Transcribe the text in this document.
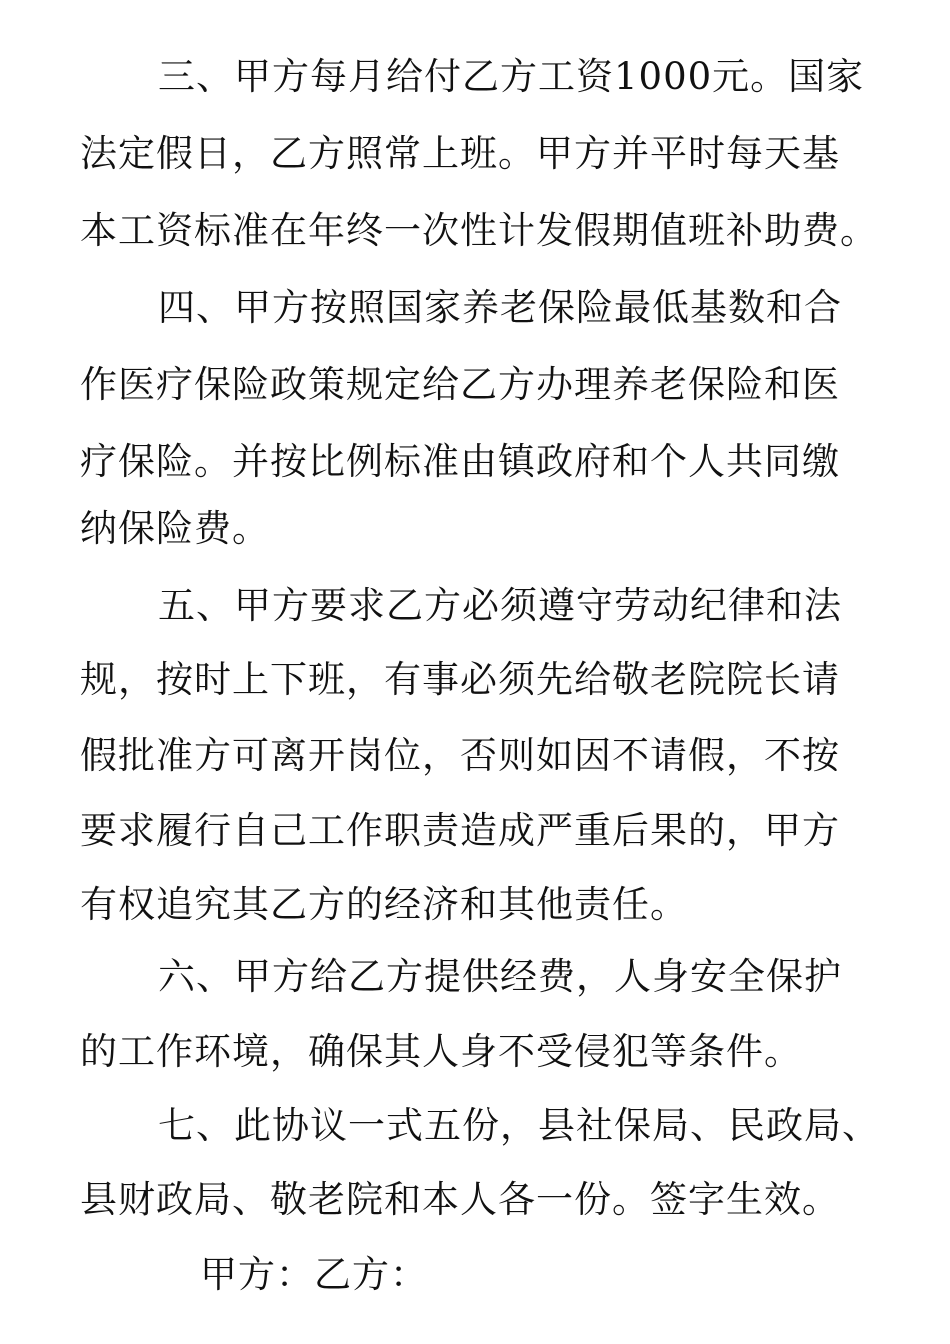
三、甲方每月给付乙方工资1000元。国家
法定假日，乙方照常上班。甲方并平时每天基
本工资标准在年终一次性计发假期值班补助费。
四、甲方按照国家养老保险最低基数和合
作医疗保险政策规定给乙方办理养老保险和医
疗保险。并按比例标准由镇政府和个人共同缴
纳保险费。
五、甲方要求乙方必须遵守劳动纪律和法
规，按时上下班，有事必须先给敬老院院长请
假批准方可离开岗位，否则如因不请假，不按
要求履行自己工作职责造成严重后果的，甲方
有权追究其乙方的经济和其他责任。
六、甲方给乙方提供经费，人身安全保护
的工作环境，确保其人身不受侵犯等条件。
七、此协议一式五份，县社保局、民政局、
县财政局、敬老院和本人各一份。签字生效。
甲方：乙方：
